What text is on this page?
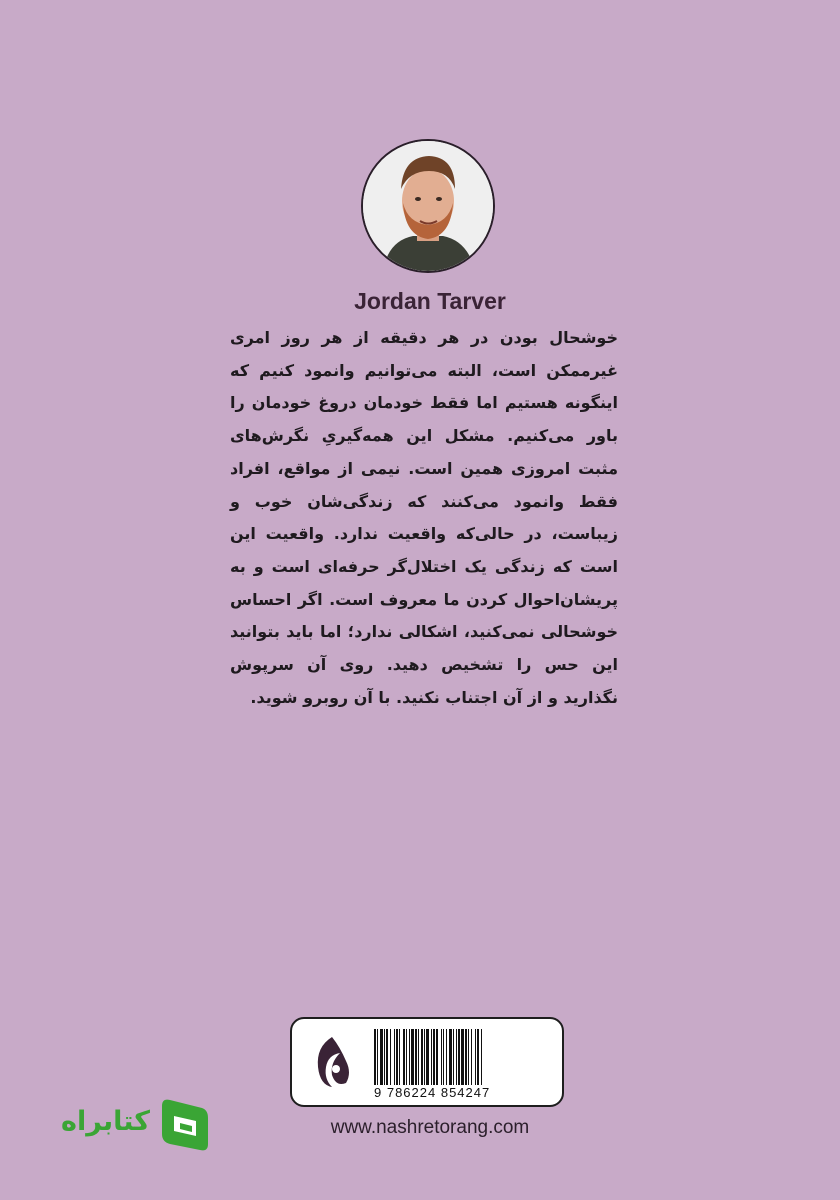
Jordan Tarver

خوشحال بودن در هر دقیقه از هر روز امری غیرممکن است، البته می‌توانیم وانمود کنیم که اینگونه هستیم اما فقط خودمان دروغ خودمان را باور می‌کنیم. مشکل این همه‌گیریِ نگرش‌های مثبت امروزی همین است. نیمی از مواقع، افراد فقط وانمود می‌کنند که زندگی‌شان خوب و زیباست، در حالی‌که واقعیت ندارد. واقعیت این است که زندگی یک اختلال‌گر حرفه‌ای است و به پریشان‌احوال کردن ما معروف است. اگر احساس خوشحالی نمی‌کنید، اشکالی ندارد؛ اما باید بتوانید این حس را تشخیص دهید. روی آن سرپوش نگذارید و از آن اجتناب نکنید. با آن روبرو شوید.

9 786224 854247
www.nashretorang.com
کتابراه
